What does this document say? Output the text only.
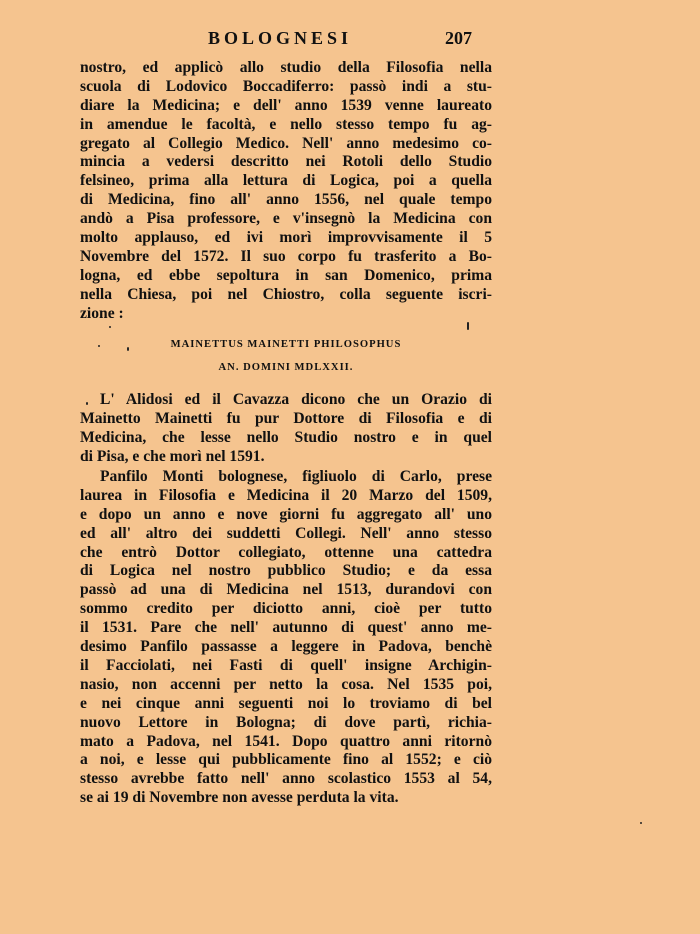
BOLOGNESI	207
nostro, ed applicò allo studio della Filosofia nella
scuola di Lodovico Boccadiferro: passò indi a stu-
diare la Medicina; e dell' anno 1539 venne laureato
in amendue le facoltà, e nello stesso tempo fu ag-
gregato al Collegio Medico. Nell' anno medesimo co-
mincia a vedersi descritto nei Rotoli dello Studio
felsineo, prima alla lettura di Logica, poi a quella
di Medicina, fino all' anno 1556, nel quale tempo
andò a Pisa professore, e v'insegnò la Medicina con
molto applauso, ed ivi morì improvvisamente il 5
Novembre del 1572. Il suo corpo fu trasferito a Bo-
logna, ed ebbe sepoltura in san Domenico, prima
nella Chiesa, poi nel Chiostro, colla seguente iscri-
zione :
MAINETTUS MAINETTI PHILOSOPHUS
AN. DOMINI MDLXXII.
L' Alidosi ed il Cavazza dicono che un Orazio di
Mainetto Mainetti fu pur Dottore di Filosofia e di
Medicina, che lesse nello Studio nostro e in quel
di Pisa, e che morì nel 1591.
Panfilo Monti bolognese, figliuolo di Carlo, prese
laurea in Filosofia e Medicina il 20 Marzo del 1509,
e dopo un anno e nove giorni fu aggregato all' uno
ed all' altro dei suddetti Collegi. Nell' anno stesso
che entrò Dottor collegiato, ottenne una cattedra
di Logica nel nostro pubblico Studio; e da essa
passò ad una di Medicina nel 1513, durandovi con
sommo credito per diciotto anni, cioè per tutto
il 1531. Pare che nell' autunno di quest' anno me-
desimo Panfilo passasse a leggere in Padova, benchè
il Facciolati, nei Fasti di quell' insigne Archigin-
nasio, non accenni per netto la cosa. Nel 1535 poi,
e nei cinque anni seguenti noi lo troviamo di bel
nuovo Lettore in Bologna; di dove partì, richia-
mato a Padova, nel 1541. Dopo quattro anni ritornò
a noi, e lesse qui pubblicamente fino al 1552; e ciò
stesso avrebbe fatto nell' anno scolastico 1553 al 54,
se ai 19 di Novembre non avesse perduta la vita.
